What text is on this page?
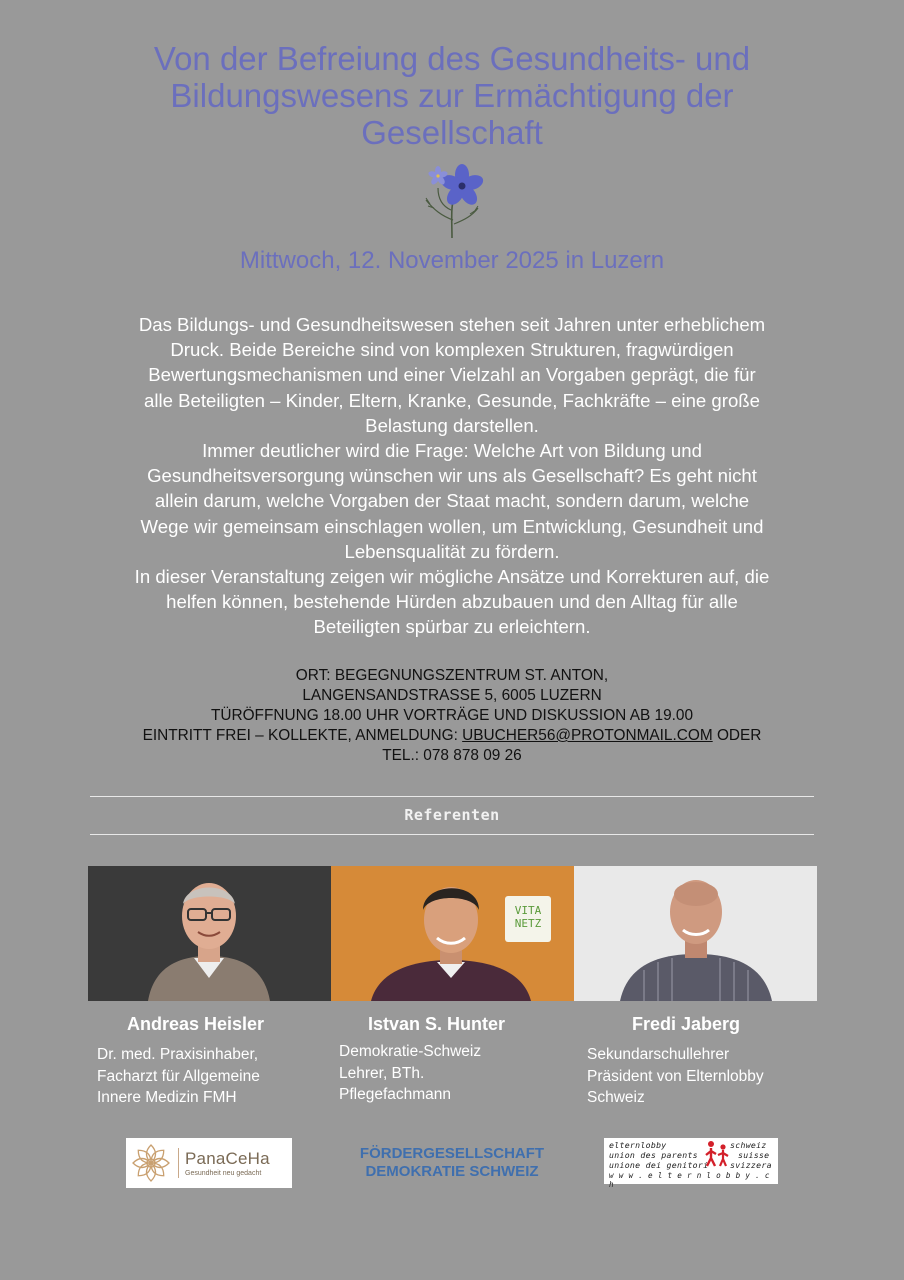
Von der Befreiung des Gesundheits- und
Bildungswesens zur Ermächtigung der
Gesellschaft
Mittwoch, 12. November 2025 in Luzern
Das Bildungs- und Gesundheitswesen stehen seit Jahren unter erheblichem
Druck. Beide Bereiche sind von komplexen Strukturen, fragwürdigen
Bewertungsmechanismen und einer Vielzahl an Vorgaben geprägt, die für
alle Beteiligten – Kinder, Eltern, Kranke, Gesunde, Fachkräfte – eine große
Belastung darstellen.
Immer deutlicher wird die Frage: Welche Art von Bildung und
Gesundheitsversorgung wünschen wir uns als Gesellschaft? Es geht nicht
allein darum, welche Vorgaben der Staat macht, sondern darum, welche
Wege wir gemeinsam einschlagen wollen, um Entwicklung, Gesundheit und
Lebensqualität zu fördern.
In dieser Veranstaltung zeigen wir mögliche Ansätze und Korrekturen auf, die
helfen können, bestehende Hürden abzubauen und den Alltag für alle
Beteiligten spürbar zu erleichtern.
ORT: BEGEGNUNGSZENTRUM ST. ANTON,
LANGENSANDSTRASSE 5, 6005 LUZERN
TÜRÖFFNUNG 18.00 UHR VORTRÄGE UND DISKUSSION AB 19.00
EINTRITT FREI – KOLLEKTE, ANMELDUNG: UBUCHER56@PROTONMAIL.COM ODER
TEL.: 078 878 09 26
Referenten
VITA
NETZ
Andreas Heisler	Istvan S. Hunter	Fredi Jaberg
Dr. med. Praxisinhaber,
Facharzt für Allgemeine
Innere Medizin FMH
Demokratie-Schweiz
Lehrer, BTh.
Pflegefachmann
Sekundarschullehrer
Präsident von Elternlobby
Schweiz
PanaCeHa
Gesundheit neu gedacht
FÖRDERGESELLSCHAFT
DEMOKRATIE SCHWEIZ
elternlobby	schweiz
union des parents	suisse
unione dei genitori	svizzera
w w w . e l t e r n l o b b y . c h
